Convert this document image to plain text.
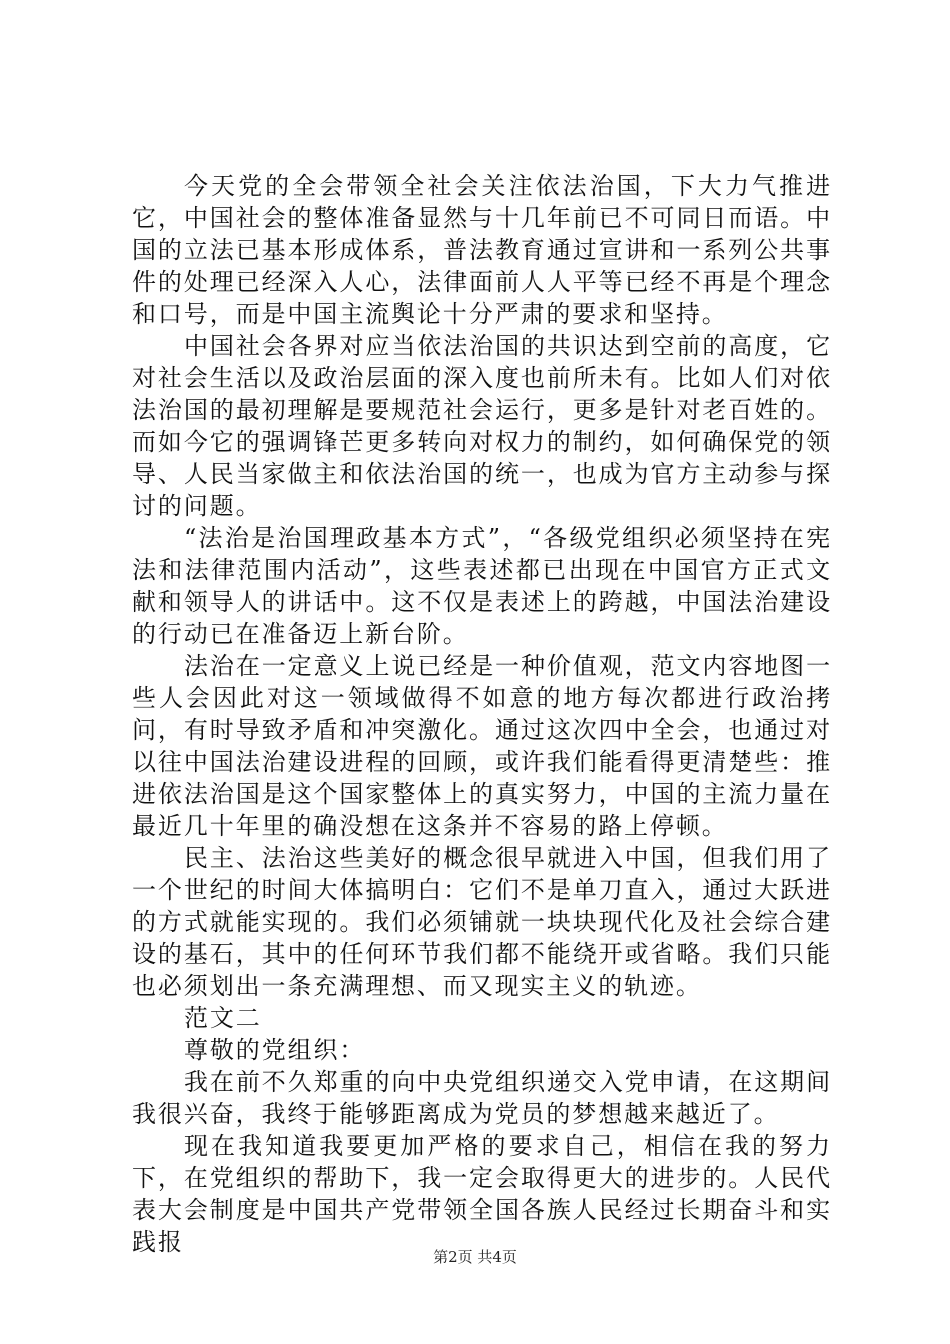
今天党的全会带领全社会关注依法治国，下大力气推进它，中国社会的整体准备显然与十几年前已不可同日而语。中国的立法已基本形成体系，普法教育通过宣讲和一系列公共事件的处理已经深入人心，法律面前人人平等已经不再是个理念和口号，而是中国主流舆论十分严肃的要求和坚持。

中国社会各界对应当依法治国的共识达到空前的高度，它对社会生活以及政治层面的深入度也前所未有。比如人们对依法治国的最初理解是要规范社会运行，更多是针对老百姓的。而如今它的强调锋芒更多转向对权力的制约，如何确保党的领导、人民当家做主和依法治国的统一，也成为官方主动参与探讨的问题。

“法治是治国理政基本方式”，“各级党组织必须坚持在宪法和法律范围内活动”，这些表述都已出现在中国官方正式文献和领导人的讲话中。这不仅是表述上的跨越，中国法治建设的行动已在准备迈上新台阶。

法治在一定意义上说已经是一种价值观，范文内容地图一些人会因此对这一领域做得不如意的地方每次都进行政治拷问，有时导致矛盾和冲突激化。通过这次四中全会，也通过对以往中国法治建设进程的回顾，或许我们能看得更清楚些：推进依法治国是这个国家整体上的真实努力，中国的主流力量在最近几十年里的确没想在这条并不容易的路上停顿。

民主、法治这些美好的概念很早就进入中国，但我们用了一个世纪的时间大体搞明白：它们不是单刀直入，通过大跃进的方式就能实现的。我们必须铺就一块块现代化及社会综合建设的基石，其中的任何环节我们都不能绕开或省略。我们只能也必须划出一条充满理想、而又现实主义的轨迹。

范文二

尊敬的党组织：

我在前不久郑重的向中央党组织递交入党申请，在这期间我很兴奋，我终于能够距离成为党员的梦想越来越近了。

现在我知道我要更加严格的要求自己，相信在我的努力下，在党组织的帮助下，我一定会取得更大的进步的。人民代表大会制度是中国共产党带领全国各族人民经过长期奋斗和实践报

第2页 共4页
